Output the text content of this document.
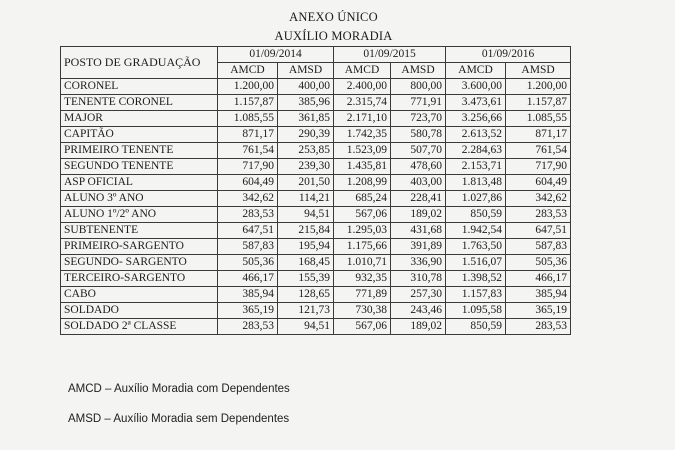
ANEXO ÚNICO
AUXÍLIO MORADIA
POSTO DE GRADUAÇÃO	01/09/2014		01/09/2015		01/09/2016	
	AMCD	AMSD	AMCD	AMSD	AMCD	AMSD
CORONEL	1.200,00	400,00	2.400,00	800,00	3.600,00	1.200,00
TENENTE CORONEL	1.157,87	385,96	2.315,74	771,91	3.473,61	1.157,87
MAJOR	1.085,55	361,85	2.171,10	723,70	3.256,66	1.085,55
CAPITÃO	871,17	290,39	1.742,35	580,78	2.613,52	871,17
PRIMEIRO TENENTE	761,54	253,85	1.523,09	507,70	2.284,63	761,54
SEGUNDO TENENTE	717,90	239,30	1.435,81	478,60	2.153,71	717,90
ASP OFICIAL	604,49	201,50	1.208,99	403,00	1.813,48	604,49
ALUNO 3º ANO	342,62	114,21	685,24	228,41	1.027,86	342,62
ALUNO 1º/2º ANO	283,53	94,51	567,06	189,02	850,59	283,53
SUBTENENTE	647,51	215,84	1.295,03	431,68	1.942,54	647,51
PRIMEIRO-SARGENTO	587,83	195,94	1.175,66	391,89	1.763,50	587,83
SEGUNDO- SARGENTO	505,36	168,45	1.010,71	336,90	1.516,07	505,36
TERCEIRO-SARGENTO	466,17	155,39	932,35	310,78	1.398,52	466,17
CABO	385,94	128,65	771,89	257,30	1.157,83	385,94
SOLDADO	365,19	121,73	730,38	243,46	1.095,58	365,19
SOLDADO 2ª CLASSE	283,53	94,51	567,06	189,02	850,59	283,53
AMCD – Auxílio Moradia com Dependentes
AMSD – Auxílio Moradia sem Dependentes
